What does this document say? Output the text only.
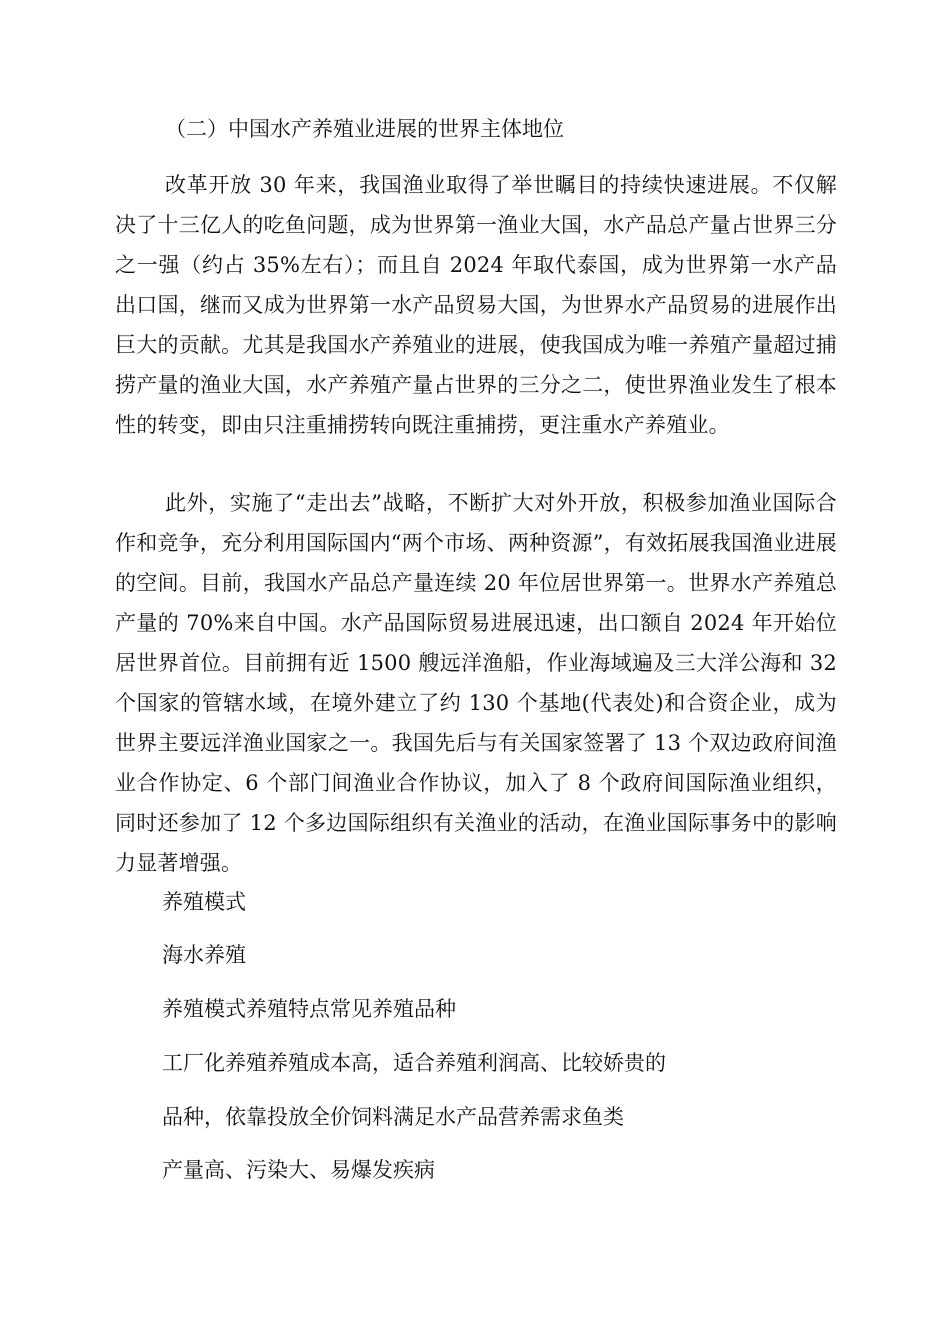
（二）中国水产养殖业进展的世界主体地位

改革开放 30 年来，我国渔业取得了举世瞩目的持续快速进展。不仅解决了十三亿人的吃鱼问题，成为世界第一渔业大国，水产品总产量占世界三分之一强（约占 35%左右）；而且自 2024 年取代泰国，成为世界第一水产品出口国，继而又成为世界第一水产品贸易大国，为世界水产品贸易的进展作出巨大的贡献。尤其是我国水产养殖业的进展，使我国成为唯一养殖产量超过捕捞产量的渔业大国，水产养殖产量占世界的三分之二，使世界渔业发生了根本性的转变，即由只注重捕捞转向既注重捕捞，更注重水产养殖业。

此外，实施了“走出去”战略，不断扩大对外开放，积极参加渔业国际合作和竞争，充分利用国际国内“两个市场、两种资源”，有效拓展我国渔业进展的空间。目前，我国水产品总产量连续 20 年位居世界第一。世界水产养殖总产量的 70%来自中国。水产品国际贸易进展迅速，出口额自 2024 年开始位居世界首位。目前拥有近 1500 艘远洋渔船，作业海域遍及三大洋公海和 32 个国家的管辖水域，在境外建立了约 130 个基地(代表处)和合资企业，成为世界主要远洋渔业国家之一。我国先后与有关国家签署了 13 个双边政府间渔业合作协定、6 个部门间渔业合作协议，加入了 8 个政府间国际渔业组织，同时还参加了 12 个多边国际组织有关渔业的活动，在渔业国际事务中的影响力显著增强。

养殖模式

海水养殖

养殖模式养殖特点常见养殖品种

工厂化养殖养殖成本高，适合养殖利润高、比较娇贵的

品种，依靠投放全价饲料满足水产品营养需求鱼类

产量高、污染大、易爆发疾病
